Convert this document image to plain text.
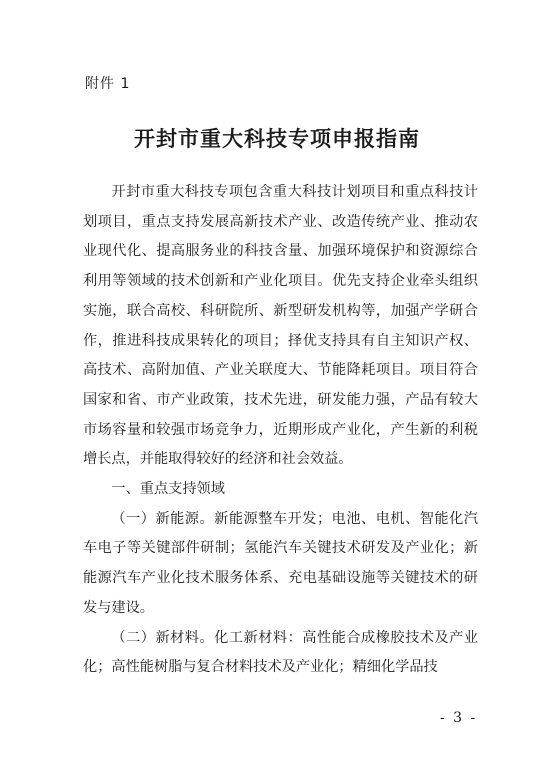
附件 1
开封市重大科技专项申报指南

开封市重大科技专项包含重大科技计划项目和重点科技计划项目，重点支持发展高新技术产业、改造传统产业、推动农业现代化、提高服务业的科技含量、加强环境保护和资源综合利用等领域的技术创新和产业化项目。优先支持企业牵头组织实施，联合高校、科研院所、新型研发机构等，加强产学研合作，推进科技成果转化的项目；择优支持具有自主知识产权、高技术、高附加值、产业关联度大、节能降耗项目。项目符合国家和省、市产业政策，技术先进，研发能力强，产品有较大市场容量和较强市场竞争力，近期形成产业化，产生新的利税增长点，并能取得较好的经济和社会效益。

一、重点支持领域

（一）新能源。新能源整车开发；电池、电机、智能化汽车电子等关键部件研制；氢能汽车关键技术研发及产业化；新能源汽车产业化技术服务体系、充电基础设施等关键技术的研发与建设。

（二）新材料。化工新材料：高性能合成橡胶技术及产业化；高性能树脂与复合材料技术及产业化；精细化学品技

- 3 -
